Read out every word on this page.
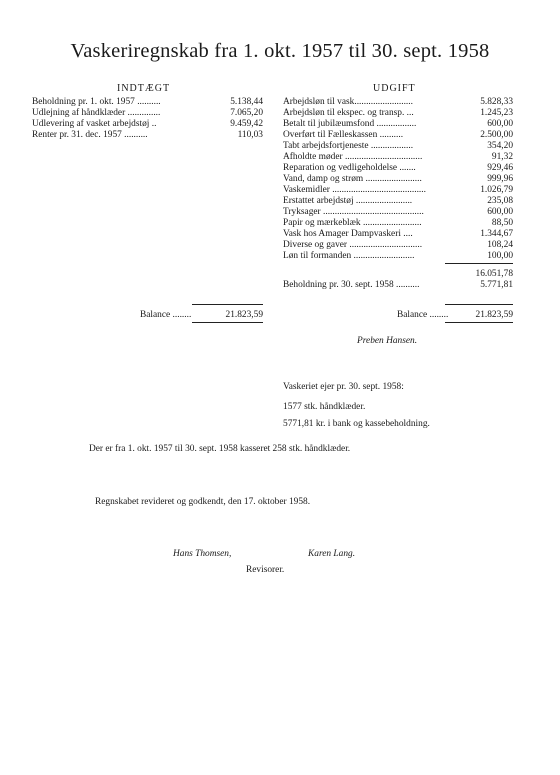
Vaskeriregnskab fra 1. okt. 1957 til 30. sept. 1958
INDTÆGT
Beholdning pr. 1. okt. 1957 ..........	5.138,44
Udlejning af håndklæder ..............	7.065,20
Udlevering af vasket arbejdstøj ..	9.459,42
Renter pr. 31. dec. 1957 ..........	110,03
Balance ........	21.823,59
UDGIFT
Arbejdsløn til vask.........................	5.828,33
Arbejdsløn til ekspec. og transp. ...	1.245,23
Betalt til jubilæumsfond .................	600,00
Overført til Fælleskassen ..........	2.500,00
Tabt arbejdsfortjeneste ..................	354,20
Afholdte møder .................................	91,32
Reparation og vedligeholdelse .......	929,46
Vand, damp og strøm ........................	999,96
Vaskemidler ........................................	1.026,79
Erstattet arbejdstøj ........................	235,08
Tryksager ...........................................	600,00
Papir og mærkeblæk .........................	88,50
Vask hos Amager Dampvaskeri ....	1.344,67
Diverse og gaver ...............................	108,24
Løn til formanden ..........................	100,00
16.051,78
Beholdning pr. 30. sept. 1958 ..........	5.771,81
Balance ........	21.823,59
Preben Hansen.
Vaskeriet ejer pr. 30. sept. 1958:
1577 stk. håndklæder.
5771,81 kr. i bank og kassebeholdning.
Der er fra 1. okt. 1957 til 30. sept. 1958 kasseret 258 stk. håndklæder.
Regnskabet revideret og godkendt, den 17. oktober 1958.
Hans Thomsen,	Karen Lang.
Revisorer.
